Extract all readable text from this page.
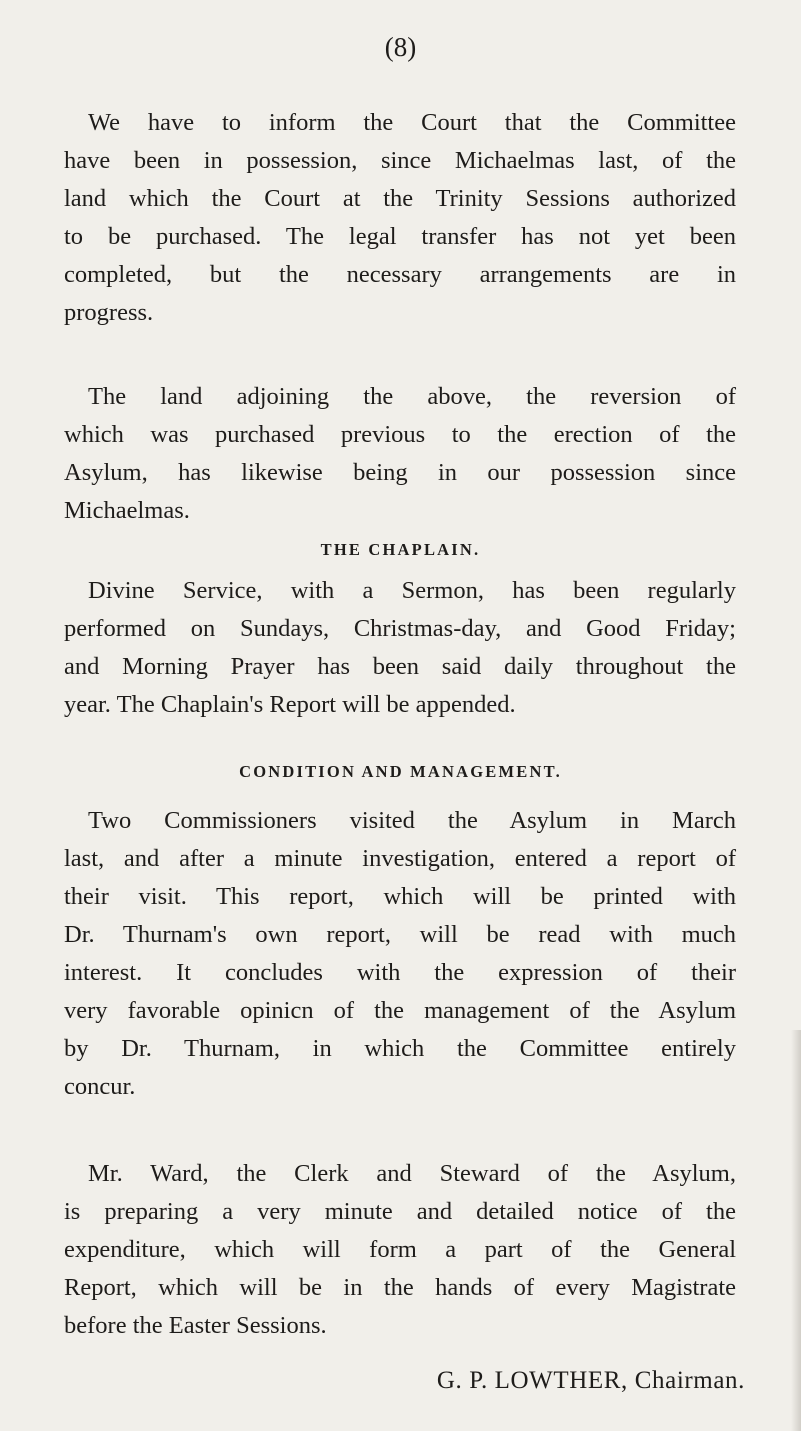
(8)
We have to inform the Court that the Committee
have been in possession, since Michaelmas last, of the
land which the Court at the Trinity Sessions authorized
to be purchased. The legal transfer has not yet been
completed, but the necessary arrangements are in
progress.
The land adjoining the above, the reversion of
which was purchased previous to the erection of the
Asylum, has likewise being in our possession since
Michaelmas.
THE CHAPLAIN.
Divine Service, with a Sermon, has been regularly
performed on Sundays, Christmas-day, and Good Friday;
and Morning Prayer has been said daily throughout the
year. The Chaplain's Report will be appended.
CONDITION AND MANAGEMENT.
Two Commissioners visited the Asylum in March
last, and after a minute investigation, entered a report of
their visit. This report, which will be printed with
Dr. Thurnam's own report, will be read with much
interest. It concludes with the expression of their
very favorable opinicn of the management of the Asylum
by Dr. Thurnam, in which the Committee entirely
concur.
Mr. Ward, the Clerk and Steward of the Asylum,
is preparing a very minute and detailed notice of the
expenditure, which will form a part of the General
Report, which will be in the hands of every Magistrate
before the Easter Sessions.
G. P. LOWTHER, Chairman.
